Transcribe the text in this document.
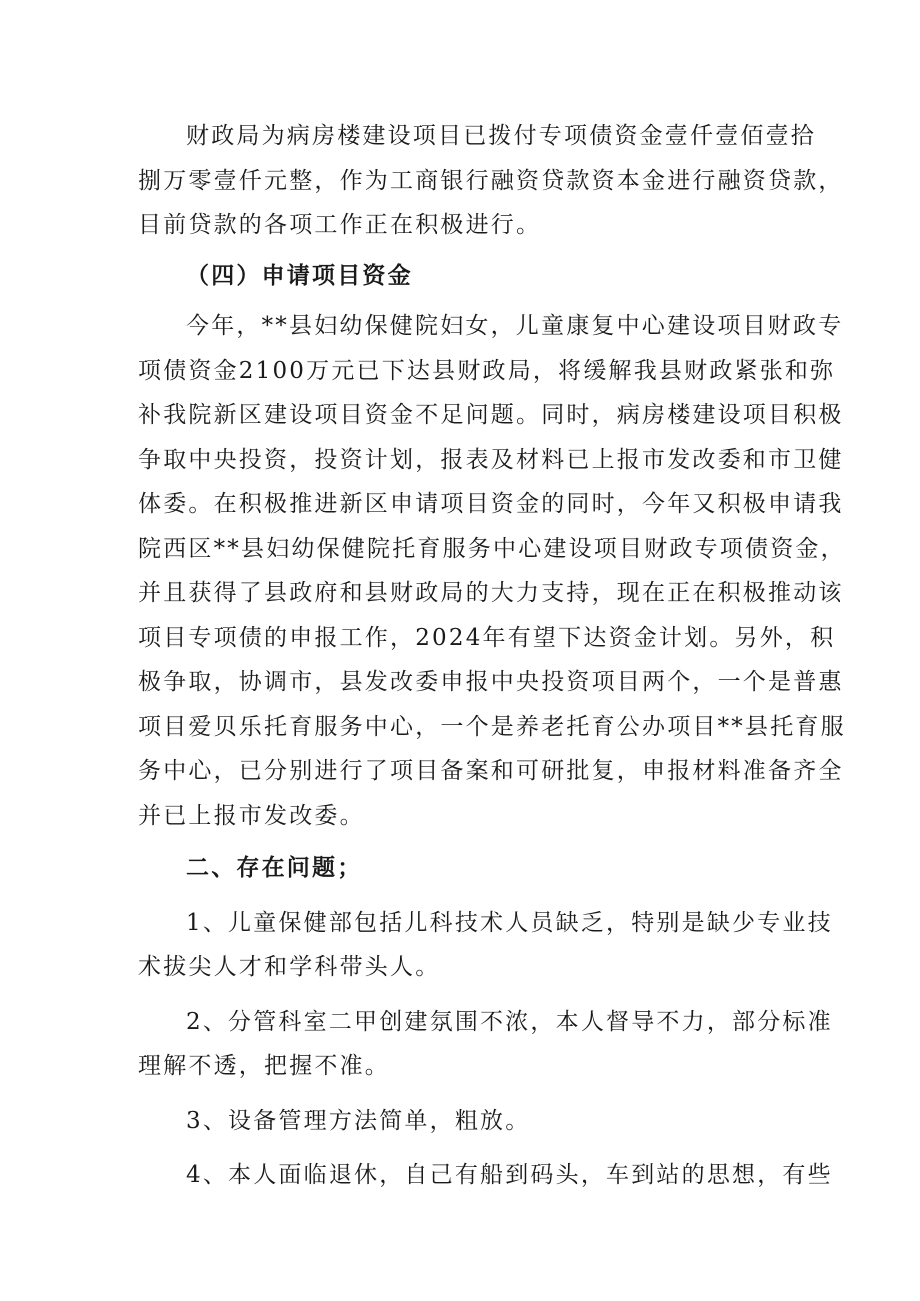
财政局为病房楼建设项目已拨付专项债资金壹仟壹佰壹拾
捌万零壹仟元整，作为工商银行融资贷款资本金进行融资贷款，
目前贷款的各项工作正在积极进行。
（四）申请项目资金
今年，**县妇幼保健院妇女，儿童康复中心建设项目财政专
项债资金2100万元已下达县财政局，将缓解我县财政紧张和弥
补我院新区建设项目资金不足问题。同时，病房楼建设项目积极
争取中央投资，投资计划，报表及材料已上报市发改委和市卫健
体委。在积极推进新区申请项目资金的同时，今年又积极申请我
院西区**县妇幼保健院托育服务中心建设项目财政专项债资金，
并且获得了县政府和县财政局的大力支持，现在正在积极推动该
项目专项债的申报工作，2024年有望下达资金计划。另外，积
极争取，协调市，县发改委申报中央投资项目两个，一个是普惠
项目爱贝乐托育服务中心，一个是养老托育公办项目**县托育服
务中心，已分别进行了项目备案和可研批复，申报材料准备齐全
并已上报市发改委。
二、存在问题；
1、儿童保健部包括儿科技术人员缺乏，特别是缺少专业技
术拔尖人才和学科带头人。
2、分管科室二甲创建氛围不浓，本人督导不力，部分标准
理解不透，把握不准。
3、设备管理方法简单，粗放。
4、本人面临退休，自己有船到码头，车到站的思想，有些
